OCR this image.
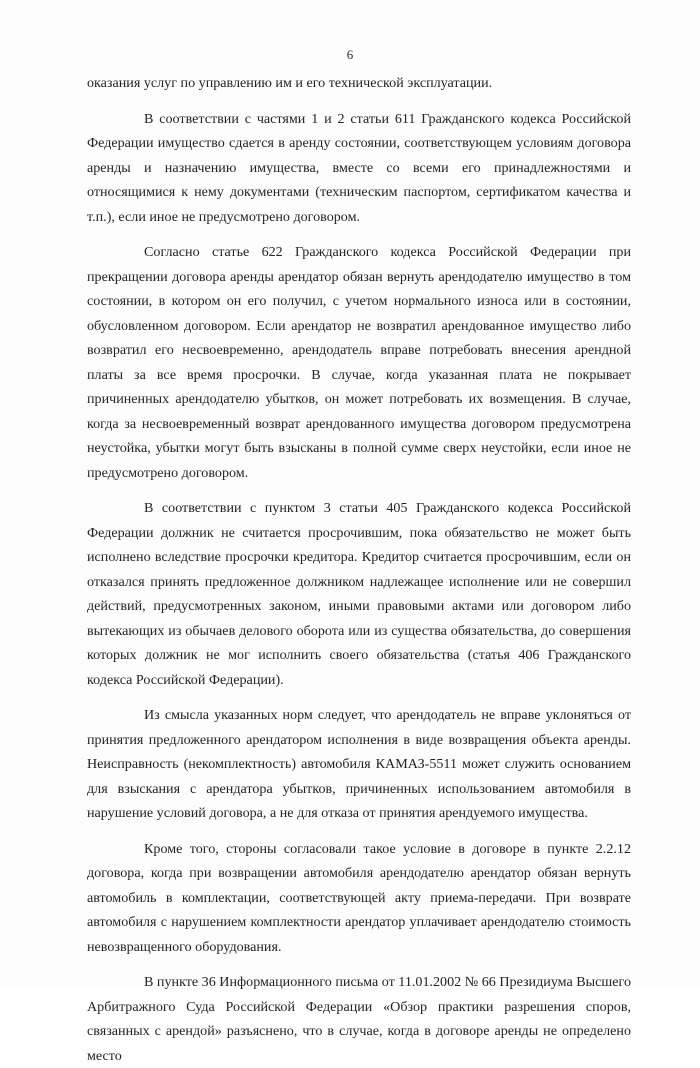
6

оказания услуг по управлению им и его технической эксплуатации.

В соответствии с частями 1 и 2 статьи 611 Гражданского кодекса Российской Федерации имущество сдается в аренду состоянии, соответствующем условиям договора аренды и назначению имущества, вместе со всеми его принадлежностями и относящимися к нему документами (техническим паспортом, сертификатом качества и т.п.), если иное не предусмотрено договором.

Согласно статье 622 Гражданского кодекса Российской Федерации при прекращении договора аренды арендатор обязан вернуть арендодателю имущество в том состоянии, в котором он его получил, с учетом нормального износа или в состоянии, обусловленном договором. Если арендатор не возвратил арендованное имущество либо возвратил его несвоевременно, арендодатель вправе потребовать внесения арендной платы за все время просрочки. В случае, когда указанная плата не покрывает причиненных арендодателю убытков, он может потребовать их возмещения. В случае, когда за несвоевременный возврат арендованного имущества договором предусмотрена неустойка, убытки могут быть взысканы в полной сумме сверх неустойки, если иное не предусмотрено договором.

В соответствии с пунктом 3 статьи 405 Гражданского кодекса Российской Федерации должник не считается просрочившим, пока обязательство не может быть исполнено вследствие просрочки кредитора. Кредитор считается просрочившим, если он отказался принять предложенное должником надлежащее исполнение или не совершил действий, предусмотренных законом, иными правовыми актами или договором либо вытекающих из обычаев делового оборота или из существа обязательства, до совершения которых должник не мог исполнить своего обязательства (статья 406 Гражданского кодекса Российской Федерации).

Из смысла указанных норм следует, что арендодатель не вправе уклоняться от принятия предложенного арендатором исполнения в виде возвращения объекта аренды. Неисправность (некомплектность) автомобиля КАМАЗ-5511 может служить основанием для взыскания с арендатора убытков, причиненных использованием автомобиля в нарушение условий договора, а не для отказа от принятия арендуемого имущества.

Кроме того, стороны согласовали такое условие в договоре в пункте 2.2.12 договора, когда при возвращении автомобиля арендодателю арендатор обязан вернуть автомобиль в комплектации, соответствующей акту приема-передачи. При возврате автомобиля с нарушением комплектности арендатор уплачивает арендодателю стоимость невозвращенного оборудования.

В пункте 36 Информационного письма от 11.01.2002 № 66 Президиума Высшего Арбитражного Суда Российской Федерации «Обзор практики разрешения споров, связанных с арендой» разъяснено, что в случае, когда в договоре аренды не определено место
